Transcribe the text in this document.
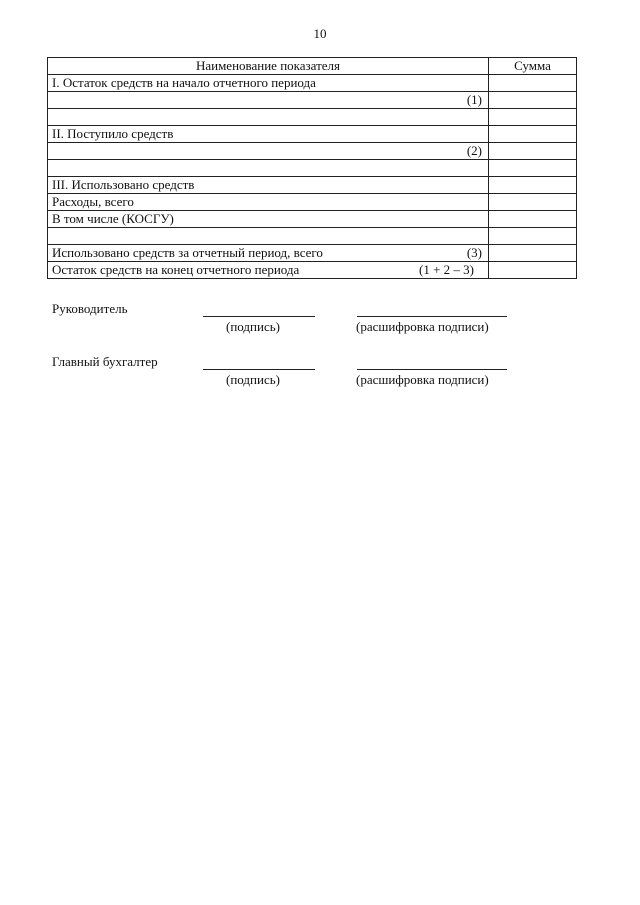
10
Наименование показателя	Сумма

I. Остаток средств на начало отчетного периода	

(1)	

II. Поступило средств	

(2)	

III. Использовано средств	

Расходы, всего	

В том числе (КОСГУ)	

Использовано средств за отчетный период, всего (3)	

Остаток средств на конец отчетного периода (1 + 2 – 3)	

Руководитель
(подпись)	(расшифровка подписи)
Главный бухгалтер
(подпись)	(расшифровка подписи)
